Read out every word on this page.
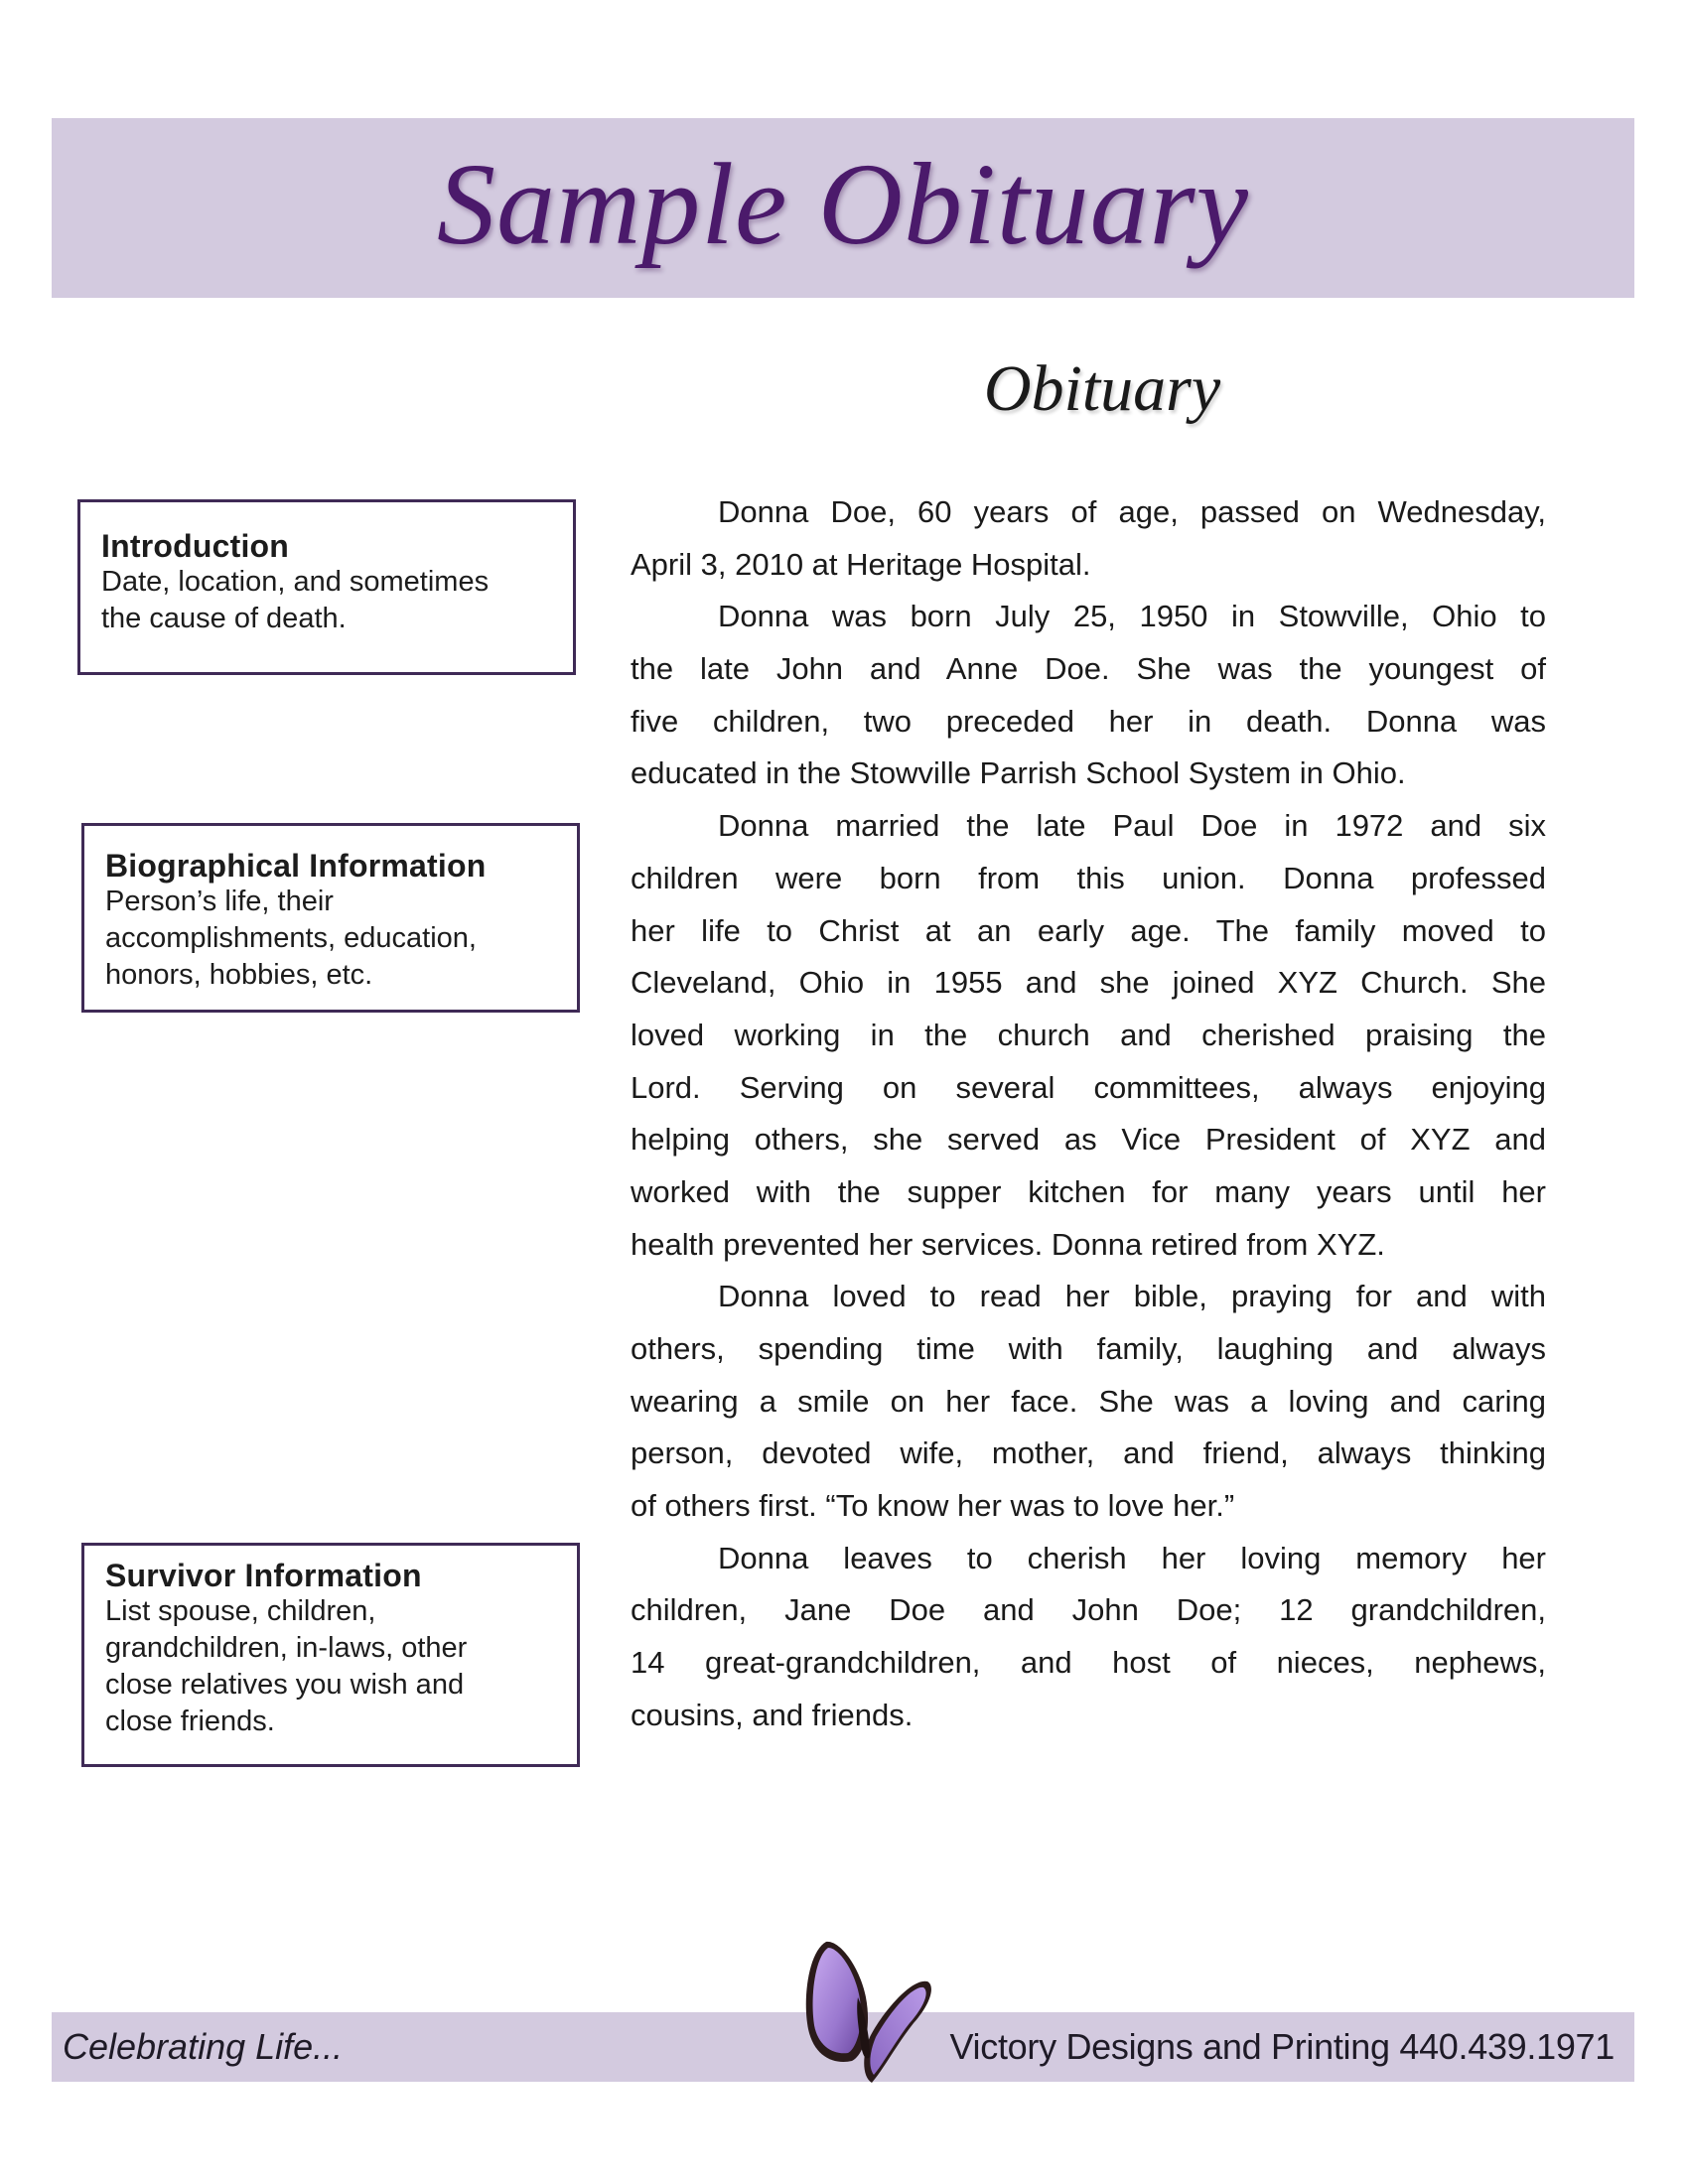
Sample Obituary
Obituary
Introduction
Date, location, and sometimes
the cause of death.
Biographical Information
Person’s life, their
accomplishments, education,
honors, hobbies, etc.
Survivor Information
List spouse, children,
grandchildren, in-laws, other
close relatives you wish and
close friends.
Donna Doe, 60 years of age, passed on Wednesday,
April 3, 2010 at Heritage Hospital.
Donna was born July 25, 1950 in Stowville, Ohio to
the late John and Anne Doe. She was the youngest of
five children, two preceded her in death. Donna was
educated in the Stowville Parrish School System in Ohio.
Donna married the late Paul Doe in 1972 and six
children were born from this union. Donna professed
her life to Christ at an early age. The family moved to
Cleveland, Ohio in 1955 and she joined XYZ Church. She
loved working in the church and cherished praising the
Lord. Serving on several committees, always enjoying
helping others, she served as Vice President of XYZ and
worked with the supper kitchen for many years until her
health prevented her services. Donna retired from XYZ.
Donna loved to read her bible, praying for and with
others, spending time with family, laughing and always
wearing a smile on her face. She was a loving and caring
person, devoted wife, mother, and friend, always thinking
of others first. “To know her was to love her.”
Donna leaves to cherish her loving memory her
children, Jane Doe and John Doe; 12 grandchildren,
14 great-grandchildren, and host of nieces, nephews,
cousins, and friends.
Celebrating Life...	Victory Designs and Printing 440.439.1971
